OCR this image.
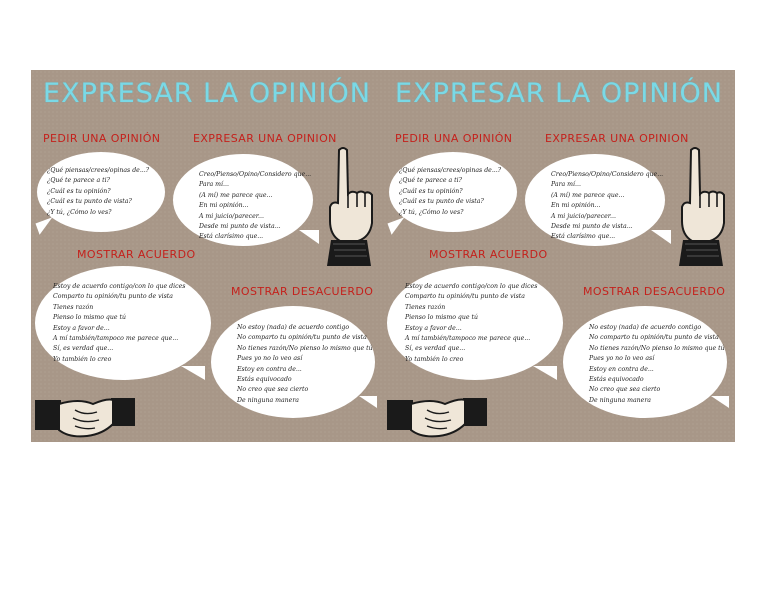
EXPRESAR LA OPINIÓN
PEDIR UNA OPINIÓN
¿Qué piensas/crees/opinas de...?
¿Qué te parece a ti?
¿Cuál es tu opinión?
¿Cuál es tu punto de vista?
¿Y tú, ¿Cómo lo ves?
EXPRESAR UNA OPINION
Creo/Pienso/Opino/Considero que...
Para mí...
(A mí) me parece que...
En mi opinión...
A mi juicio/parecer...
Desde mi punto de vista...
Está clarísimo que...
MOSTRAR ACUERDO
Estoy de acuerdo contigo/con lo que dices
Comparto tu opinión/tu punto de vista
Tienes razón
Pienso lo mismo que tú
Estoy a favor de...
A mí también/tampoco me parece que...
Sí, es verdad que...
Yo también lo creo
MOSTRAR DESACUERDO
No estoy (nada) de acuerdo contigo
No comparto tu opinión/tu punto de vista
No tienes razón/No pienso lo mismo que tú
Pues yo no lo veo así
Estoy en contra de...
Estás equivocado
No creo que sea cierto
De ninguna manera
EXPRESAR LA OPINIÓN
PEDIR UNA OPINIÓN
¿Qué piensas/crees/opinas de...?
¿Qué te parece a ti?
¿Cuál es tu opinión?
¿Cuál es tu punto de vista?
¿Y tú, ¿Cómo lo ves?
EXPRESAR UNA OPINION
Creo/Pienso/Opino/Considero que...
Para mí...
(A mí) me parece que...
En mi opinión...
A mi juicio/parecer...
Desde mi punto de vista...
Está clarísimo que...
MOSTRAR ACUERDO
Estoy de acuerdo contigo/con lo que dices
Comparto tu opinión/tu punto de vista
Tienes razón
Pienso lo mismo que tú
Estoy a favor de...
A mí también/tampoco me parece que...
Sí, es verdad que...
Yo también lo creo
MOSTRAR DESACUERDO
No estoy (nada) de acuerdo contigo
No comparto tu opinión/tu punto de vista
No tienes razón/No pienso lo mismo que tú
Pues yo no lo veo así
Estoy en contra de...
Estás equivocado
No creo que sea cierto
De ninguna manera
